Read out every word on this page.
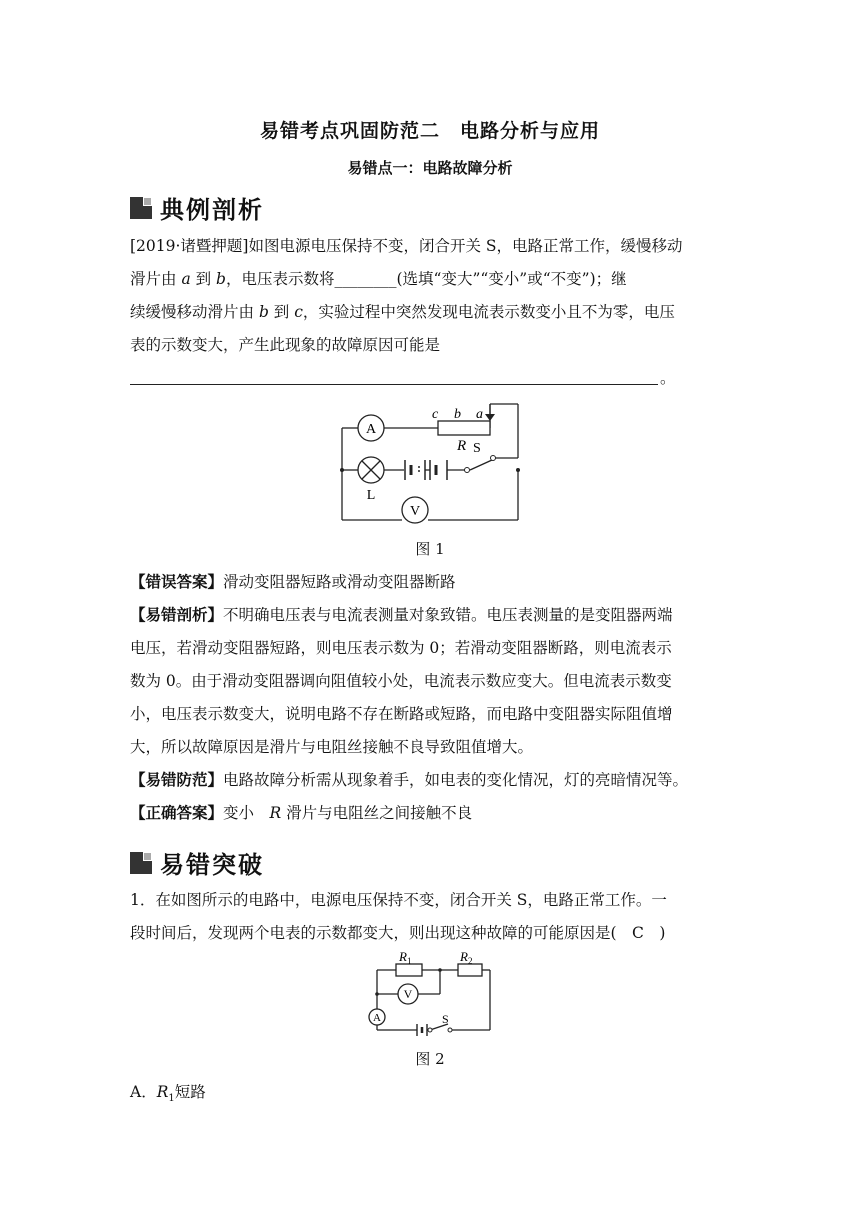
易错考点巩固防范二　电路分析与应用
易错点一：电路故障分析
典例剖析
[2019·诸暨押题]如图电源电压保持不变，闭合开关 S，电路正常工作，缓慢移动
滑片由 a 到 b，电压表示数将________(选填“变大”“变小”或“不变”)；继
续缓慢移动滑片由 b 到 c，实验过程中突然发现电流表示数变小且不为零，电压
表的示数变大，产生此现象的故障原因可能是
。
A
L
S
V
R
c b a
图 1
【错误答案】滑动变阻器短路或滑动变阻器断路
【易错剖析】不明确电压表与电流表测量对象致错。电压表测量的是变阻器两端
电压，若滑动变阻器短路，则电压表示数为 0；若滑动变阻器断路，则电流表示
数为 0。由于滑动变阻器调向阻值较小处，电流表示数应变大。但电流表示数变
小，电压表示数变大，说明电路不存在断路或短路，而电路中变阻器实际阻值增
大，所以故障原因是滑片与电阻丝接触不良导致阻值增大。
【易错防范】电路故障分析需从现象着手，如电表的变化情况，灯的亮暗情况等。
【正确答案】变小　R 滑片与电阻丝之间接触不良
易错突破
1．在如图所示的电路中，电源电压保持不变，闭合开关 S，电路正常工作。一
段时间后，发现两个电表的示数都变大，则出现这种故障的可能原因是(　C　)
V
A	S
$R_1$	$R_2$
图 2
A．$R_1$短路
